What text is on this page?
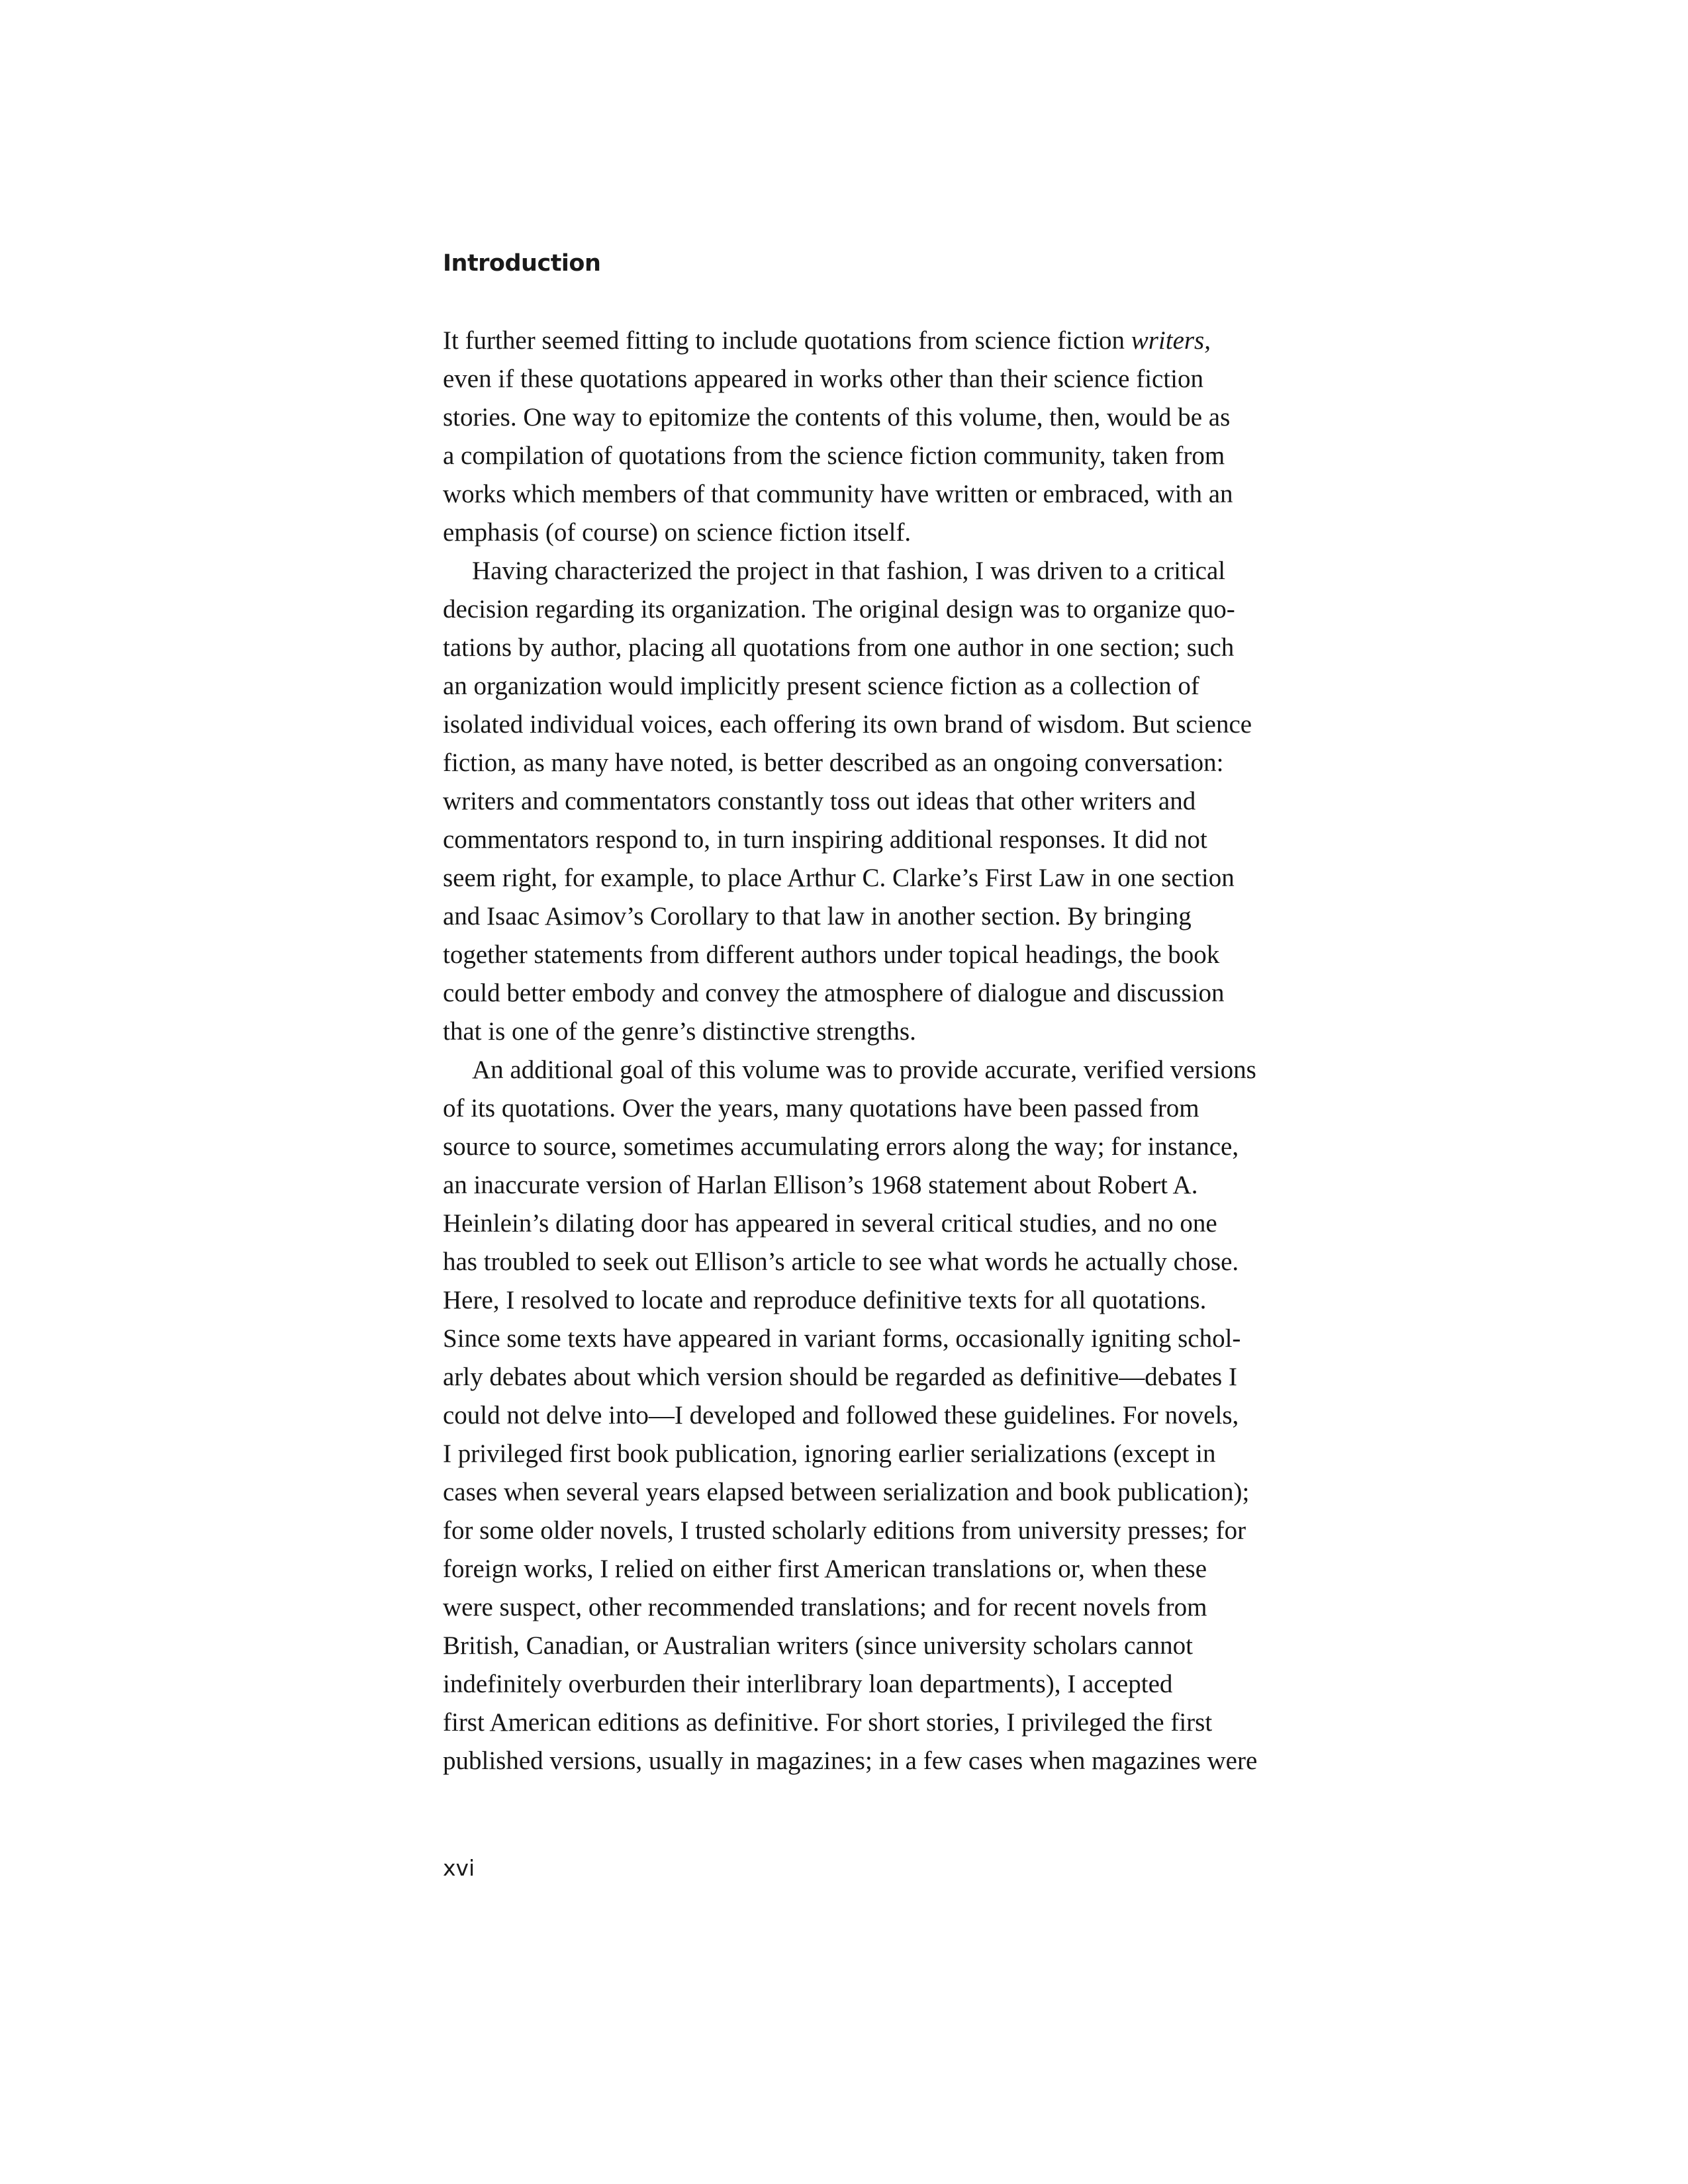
Introduction
It further seemed fitting to include quotations from science fiction writers,
even if these quotations appeared in works other than their science fiction
stories. One way to epitomize the contents of this volume, then, would be as
a compilation of quotations from the science fiction community, taken from
works which members of that community have written or embraced, with an
emphasis (of course) on science fiction itself.
Having characterized the project in that fashion, I was driven to a critical
decision regarding its organization. The original design was to organize quo-
tations by author, placing all quotations from one author in one section; such
an organization would implicitly present science fiction as a collection of
isolated individual voices, each offering its own brand of wisdom. But science
fiction, as many have noted, is better described as an ongoing conversation:
writers and commentators constantly toss out ideas that other writers and
commentators respond to, in turn inspiring additional responses. It did not
seem right, for example, to place Arthur C. Clarke’s First Law in one section
and Isaac Asimov’s Corollary to that law in another section. By bringing
together statements from different authors under topical headings, the book
could better embody and convey the atmosphere of dialogue and discussion
that is one of the genre’s distinctive strengths.
An additional goal of this volume was to provide accurate, verified versions
of its quotations. Over the years, many quotations have been passed from
source to source, sometimes accumulating errors along the way; for instance,
an inaccurate version of Harlan Ellison’s 1968 statement about Robert A.
Heinlein’s dilating door has appeared in several critical studies, and no one
has troubled to seek out Ellison’s article to see what words he actually chose.
Here, I resolved to locate and reproduce definitive texts for all quotations.
Since some texts have appeared in variant forms, occasionally igniting schol-
arly debates about which version should be regarded as definitive—debates I
could not delve into—I developed and followed these guidelines. For novels,
I privileged first book publication, ignoring earlier serializations (except in
cases when several years elapsed between serialization and book publication);
for some older novels, I trusted scholarly editions from university presses; for
foreign works, I relied on either first American translations or, when these
were suspect, other recommended translations; and for recent novels from
British, Canadian, or Australian writers (since university scholars cannot
indefinitely overburden their interlibrary loan departments), I accepted
first American editions as definitive. For short stories, I privileged the first
published versions, usually in magazines; in a few cases when magazines were

xvi
